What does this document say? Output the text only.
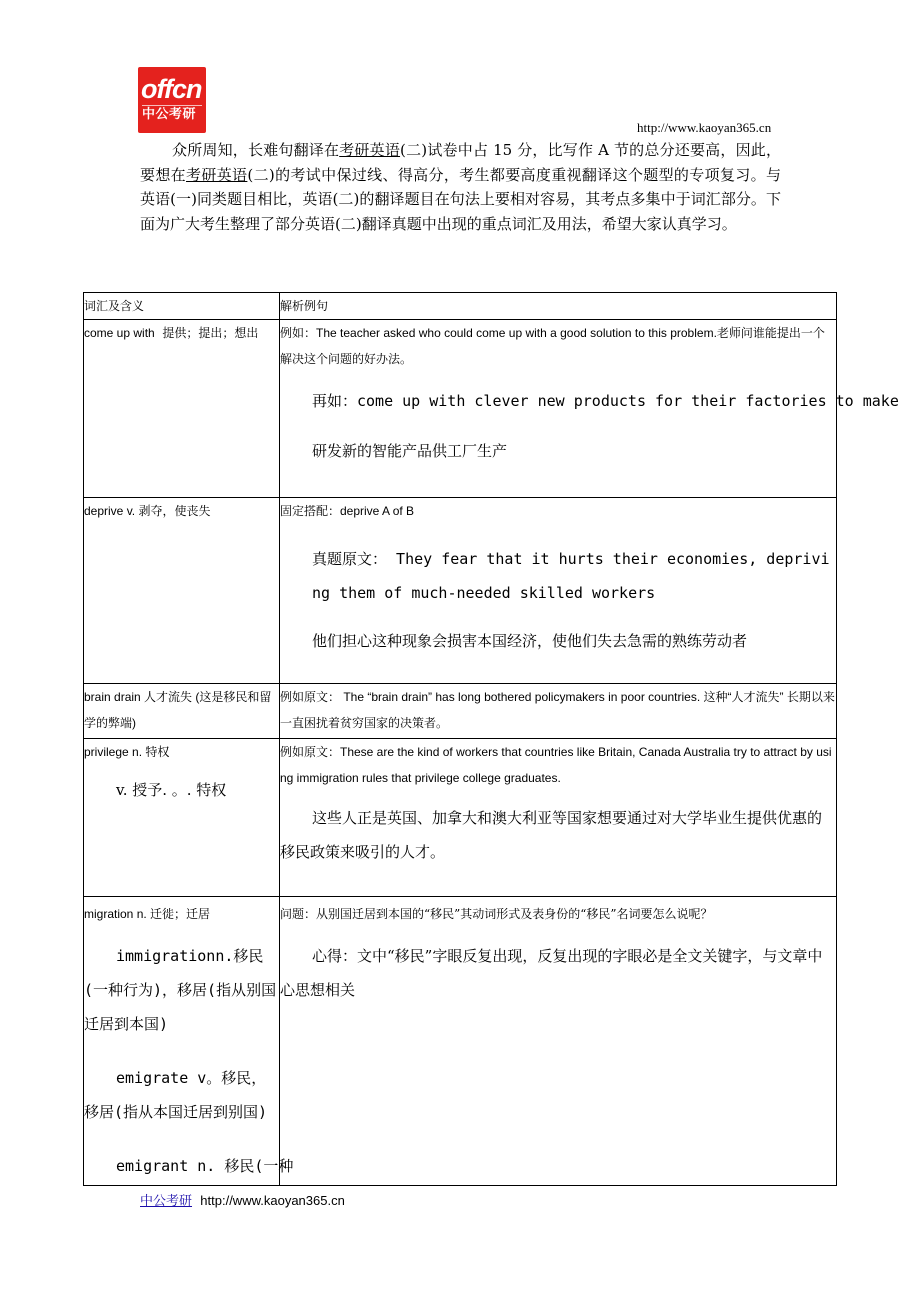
offcn
中公考研
http://www.kaoyan365.cn

众所周知，长难句翻译在考研英语(二)试卷中占 15 分，比写作 A 节的总分还要高，因此，要想在考研英语(二)的考试中保过线、得高分，考生都要高度重视翻译这个题型的专项复习。与英语(一)同类题目相比，英语(二)的翻译题目在句法上要相对容易，其考点多集中于词汇部分。下面为广大考生整理了部分英语(二)翻译真题中出现的重点词汇及用法，希望大家认真学习。

词汇及含义	解析例句

come up with 提供；提出；想出	例如：The teacher asked who could come up with a good solution to this problem.老师问谁能提出一个解决这个问题的好办法。
再如：come up with clever new products for their factories to make
研发新的智能产品供工厂生产

deprive v. 剥夺，使丧失	固定搭配：deprive A of B
真题原文： They fear that it hurts their economies, depriving them of much-needed skilled workers
他们担心这种现象会损害本国经济，使他们失去急需的熟练劳动者

brain drain 人才流失 (这是移民和留学的弊端)	例如原文： The “brain drain” has long bothered policymakers in poor countries. 这种“人才流失” 长期以来一直困扰着贫穷国家的决策者。

privilege n. 特权
v. 授予. 。. 特权	例如原文：These are the kind of workers that countries like Britain, Canada Australia try to attract by using immigration rules that privilege college graduates.
这些人正是英国、加拿大和澳大利亚等国家想要通过对大学毕业生提供优惠的移民政策来吸引的人才。

migration n. 迁徙；迁居
immigrationn.移民(一种行为)，移居(指从别国迁居到本国)
emigrate v。移民，移居(指从本国迁居到别国)
emigrant n. 移民(一种	问题：从别国迁居到本国的“移民”其动词形式及表身份的“移民”名词要怎么说呢？
心得：文中“移民”字眼反复出现，反复出现的字眼必是全文关键字，与文章中心思想相关
中公考研 http://www.kaoyan365.cn
